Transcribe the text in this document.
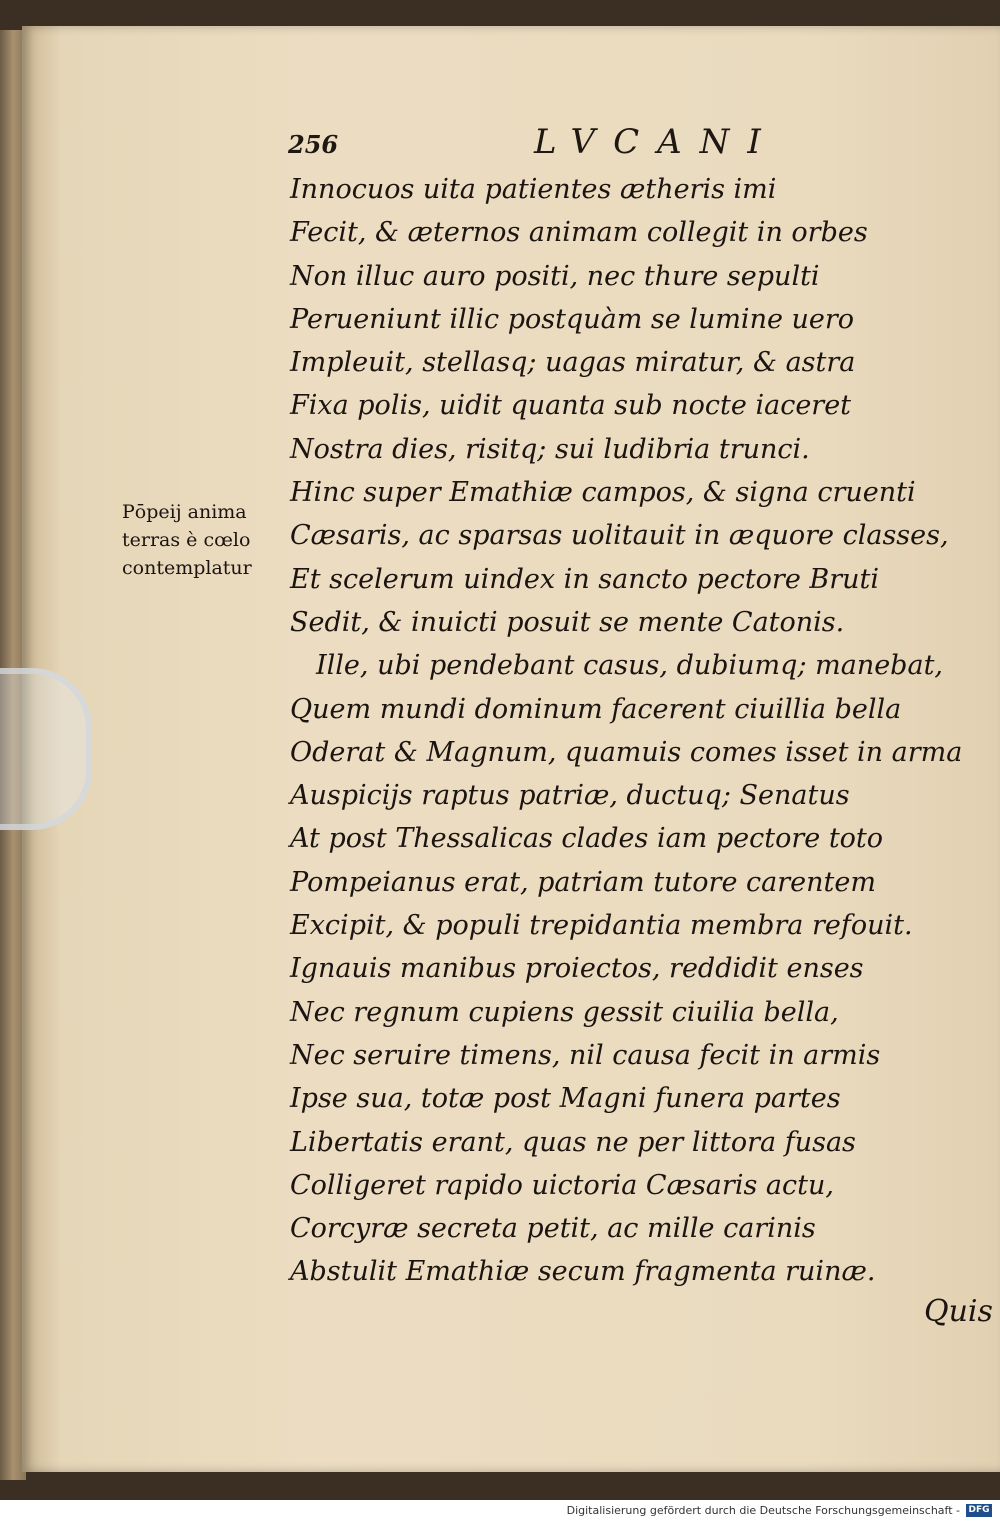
256	LVCANI
Pōpeij anima
terras è cœlo
contemplatur
Innocuos uita patientes ætheris imi
Fecit, & æternos animam collegit in orbes
Non illuc auro positi, nec thure sepulti
Perueniunt illic postquàm se lumine uero
Impleuit, stellasq; uagas miratur, & astra
Fixa polis, uidit quanta sub nocte iaceret
Nostra dies, risitq; sui ludibria trunci.
Hinc super Emathiæ campos, & signa cruenti
Cæsaris, ac sparsas uolitauit in æquore classes,
Et scelerum uindex in sancto pectore Bruti
Sedit, & inuicti posuit se mente Catonis.
Ille, ubi pendebant casus, dubiumq; manebat,
Quem mundi dominum facerent ciuillia bella
Oderat & Magnum, quamuis comes isset in arma
Auspicijs raptus patriæ, ductuq; Senatus
At post Thessalicas clades iam pectore toto
Pompeianus erat, patriam tutore carentem
Excipit, & populi trepidantia membra refouit.
Ignauis manibus proiectos, reddidit enses
Nec regnum cupiens gessit ciuilia bella,
Nec seruire timens, nil causa fecit in armis
Ipse sua, totæ post Magni funera partes
Libertatis erant, quas ne per littora fusas
Colligeret rapido uictoria Cæsaris actu,
Corcyræ secreta petit, ac mille carinis
Abstulit Emathiæ secum fragmenta ruinæ.
Quis
Digitalisierung gefördert durch die Deutsche Forschungsgemeinschaft - DFG
